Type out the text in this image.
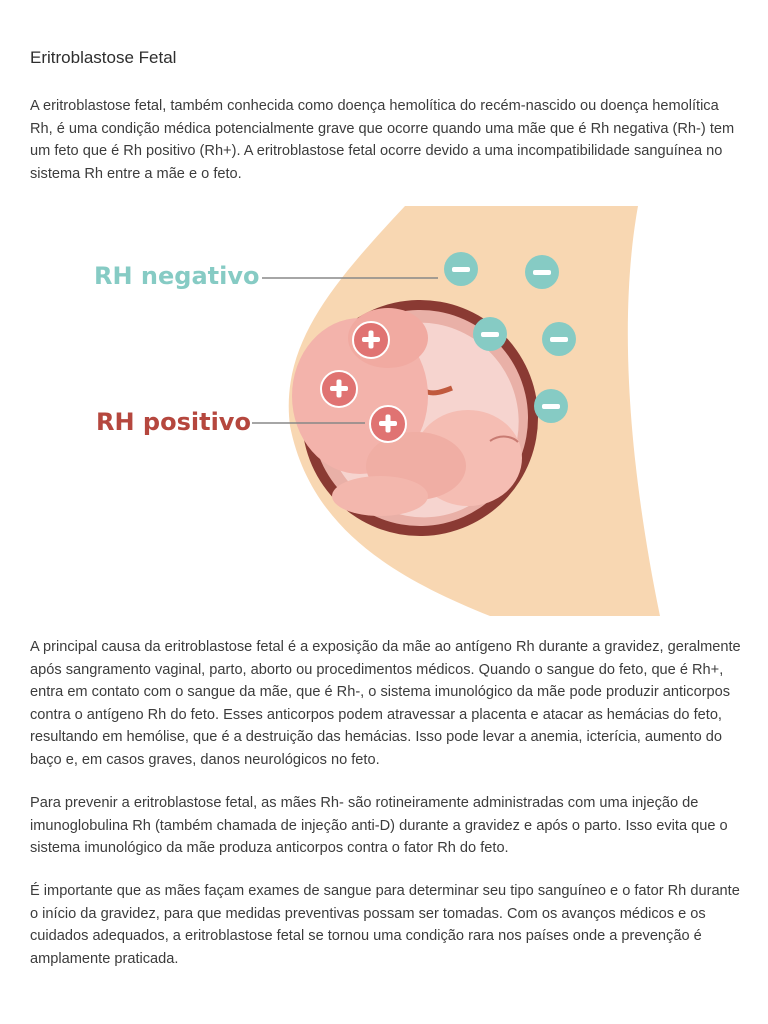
Eritroblastose Fetal

A eritroblastose fetal, também conhecida como doença hemolítica do recém-nascido ou doença hemolítica Rh, é uma condição médica potencialmente grave que ocorre quando uma mãe que é Rh negativa (Rh-) tem um feto que é Rh positivo (Rh+). A eritroblastose fetal ocorre devido a uma incompatibilidade sanguínea no sistema Rh entre a mãe e o feto.

A principal causa da eritroblastose fetal é a exposição da mãe ao antígeno Rh durante a gravidez, geralmente após sangramento vaginal, parto, aborto ou procedimentos médicos. Quando o sangue do feto, que é Rh+, entra em contato com o sangue da mãe, que é Rh-, o sistema imunológico da mãe pode produzir anticorpos contra o antígeno Rh do feto. Esses anticorpos podem atravessar a placenta e atacar as hemácias do feto, resultando em hemólise, que é a destruição das hemácias. Isso pode levar a anemia, icterícia, aumento do baço e, em casos graves, danos neurológicos no feto.

Para prevenir a eritroblastose fetal, as mães Rh- são rotineiramente administradas com uma injeção de imunoglobulina Rh (também chamada de injeção anti-D) durante a gravidez e após o parto. Isso evita que o sistema imunológico da mãe produza anticorpos contra o fator Rh do feto.

É importante que as mães façam exames de sangue para determinar seu tipo sanguíneo e o fator Rh durante o início da gravidez, para que medidas preventivas possam ser tomadas. Com os avanços médicos e os cuidados adequados, a eritroblastose fetal se tornou uma condição rara nos países onde a prevenção é amplamente praticada.

RH negativo
RH positivo
